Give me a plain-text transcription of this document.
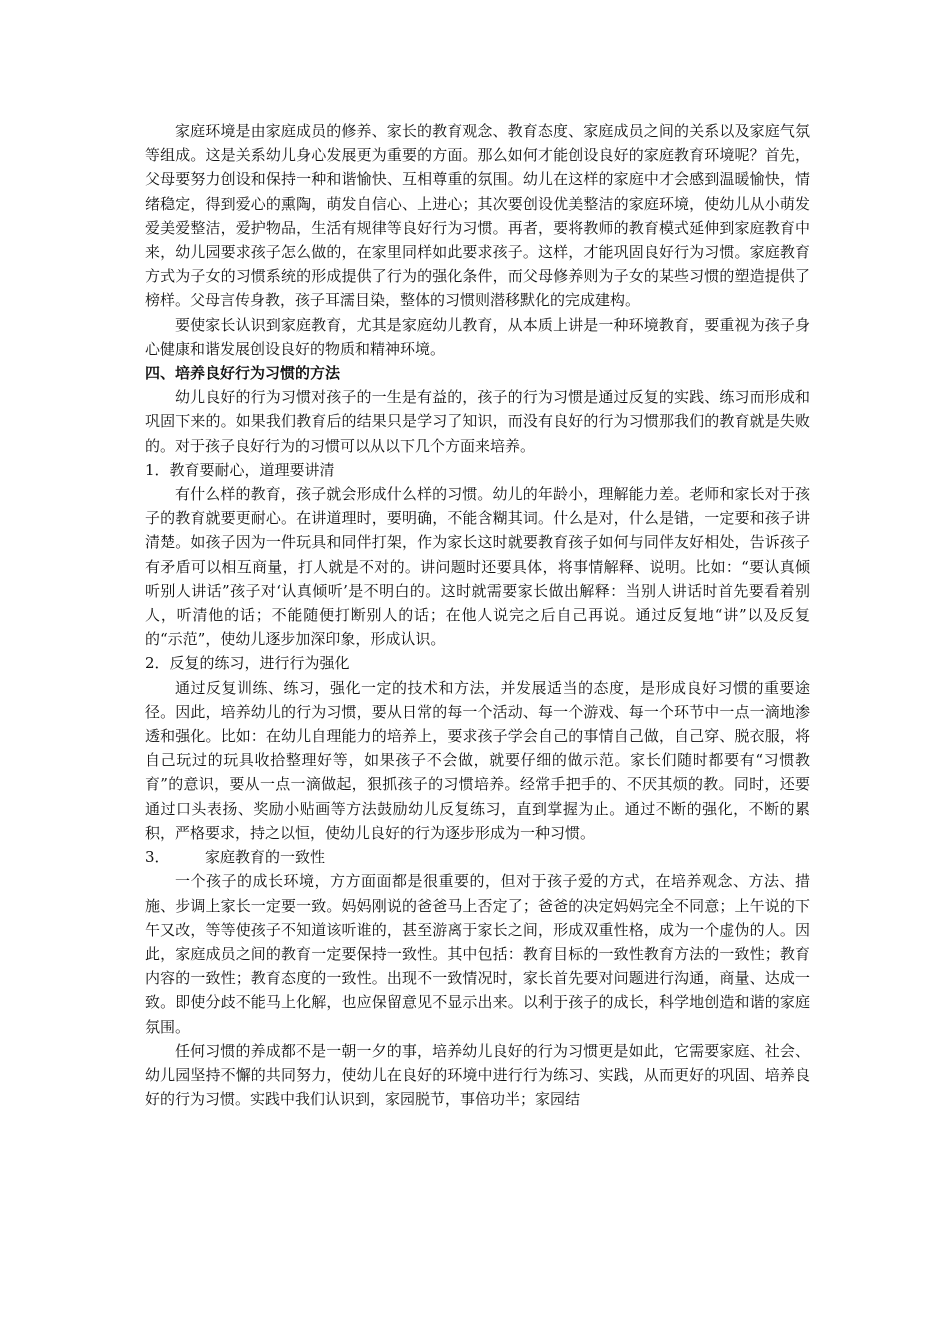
家庭环境是由家庭成员的修养、家长的教育观念、教育态度、家庭成员之间的关系以及家庭气氛等组成。这是关系幼儿身心发展更为重要的方面。那么如何才能创设良好的家庭教育环境呢？首先，父母要努力创设和保持一种和谐愉快、互相尊重的氛围。幼儿在这样的家庭中才会感到温暖愉快，情绪稳定，得到爱心的熏陶，萌发自信心、上进心；其次要创设优美整洁的家庭环境，使幼儿从小萌发爱美爱整洁，爱护物品，生活有规律等良好行为习惯。再者，要将教师的教育模式延伸到家庭教育中来，幼儿园要求孩子怎么做的，在家里同样如此要求孩子。这样，才能巩固良好行为习惯。家庭教育方式为子女的习惯系统的形成提供了行为的强化条件，而父母修养则为子女的某些习惯的塑造提供了榜样。父母言传身教，孩子耳濡目染，整体的习惯则潜移默化的完成建构。

要使家长认识到家庭教育，尤其是家庭幼儿教育，从本质上讲是一种环境教育，要重视为孩子身心健康和谐发展创设良好的物质和精神环境。

四、培养良好行为习惯的方法

幼儿良好的行为习惯对孩子的一生是有益的，孩子的行为习惯是通过反复的实践、练习而形成和巩固下来的。如果我们教育后的结果只是学习了知识，而没有良好的行为习惯那我们的教育就是失败的。对于孩子良好行为的习惯可以从以下几个方面来培养。

1．教育要耐心，道理要讲清

有什么样的教育，孩子就会形成什么样的习惯。幼儿的年龄小，理解能力差。老师和家长对于孩子的教育就要更耐心。在讲道理时，要明确，不能含糊其词。什么是对，什么是错，一定要和孩子讲清楚。如孩子因为一件玩具和同伴打架，作为家长这时就要教育孩子如何与同伴友好相处，告诉孩子有矛盾可以相互商量，打人就是不对的。讲问题时还要具体，将事情解释、说明。比如：“要认真倾听别人讲话”孩子对‘认真倾听’是不明白的。这时就需要家长做出解释：当别人讲话时首先要看着别人，听清他的话；不能随便打断别人的话；在他人说完之后自己再说。通过反复地“讲”以及反复的“示范”，使幼儿逐步加深印象，形成认识。

2．反复的练习，进行行为强化

通过反复训练、练习，强化一定的技术和方法，并发展适当的态度，是形成良好习惯的重要途径。因此，培养幼儿的行为习惯，要从日常的每一个活动、每一个游戏、每一个环节中一点一滴地渗透和强化。比如：在幼儿自理能力的培养上，要求孩子学会自己的事情自己做，自己穿、脱衣服，将自己玩过的玩具收拾整理好等，如果孩子不会做，就要仔细的做示范。家长们随时都要有“习惯教育”的意识，要从一点一滴做起，狠抓孩子的习惯培养。经常手把手的、不厌其烦的教。同时，还要通过口头表扬、奖励小贴画等方法鼓励幼儿反复练习，直到掌握为止。通过不断的强化，不断的累积，严格要求，持之以恒，使幼儿良好的行为逐步形成为一种习惯。

3． 家庭教育的一致性

一个孩子的成长环境，方方面面都是很重要的，但对于孩子爱的方式，在培养观念、方法、措施、步调上家长一定要一致。妈妈刚说的爸爸马上否定了；爸爸的决定妈妈完全不同意；上午说的下午又改，等等使孩子不知道该听谁的，甚至游离于家长之间，形成双重性格，成为一个虚伪的人。因此，家庭成员之间的教育一定要保持一致性。其中包括：教育目标的一致性教育方法的一致性；教育内容的一致性；教育态度的一致性。出现不一致情况时，家长首先要对问题进行沟通，商量、达成一致。即使分歧不能马上化解，也应保留意见不显示出来。以利于孩子的成长，科学地创造和谐的家庭氛围。

任何习惯的养成都不是一朝一夕的事，培养幼儿良好的行为习惯更是如此，它需要家庭、社会、幼儿园坚持不懈的共同努力，使幼儿在良好的环境中进行行为练习、实践，从而更好的巩固、培养良好的行为习惯。实践中我们认识到，家园脱节，事倍功半；家园结
